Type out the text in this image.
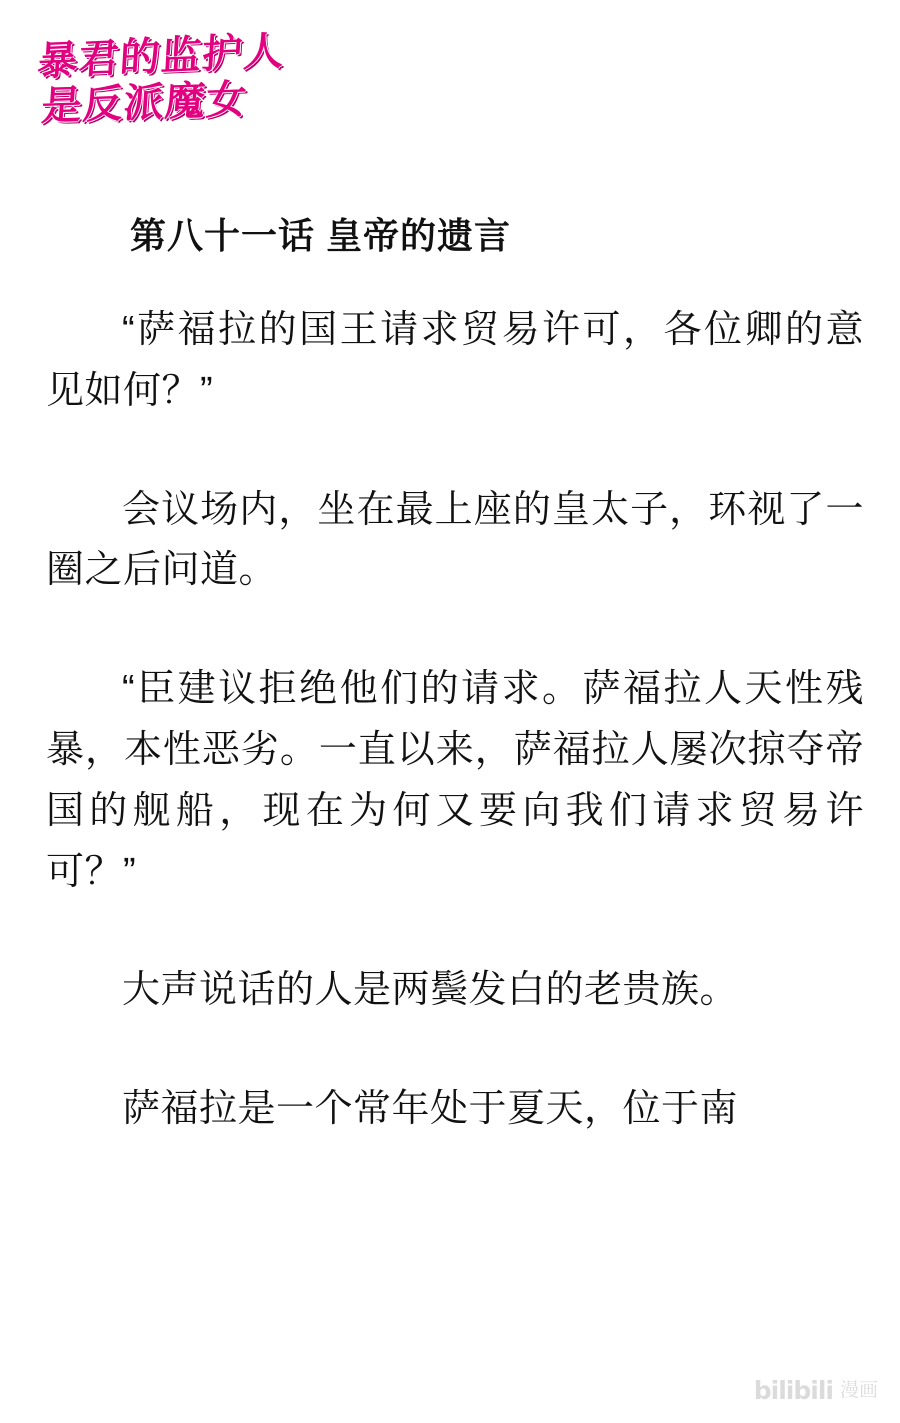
暴君的监护人
是反派魔女
第八十一话 皇帝的遗言

“萨福拉的国王请求贸易许可，各位卿的意见如何？”

会议场内，坐在最上座的皇太子，环视了一圈之后问道。

“臣建议拒绝他们的请求。萨福拉人天性残暴，本性恶劣。一直以来，萨福拉人屡次掠夺帝国的舰船，现在为何又要向我们请求贸易许可？”

大声说话的人是两鬓发白的老贵族。

萨福拉是一个常年处于夏天，位于南

bilibili 漫画
